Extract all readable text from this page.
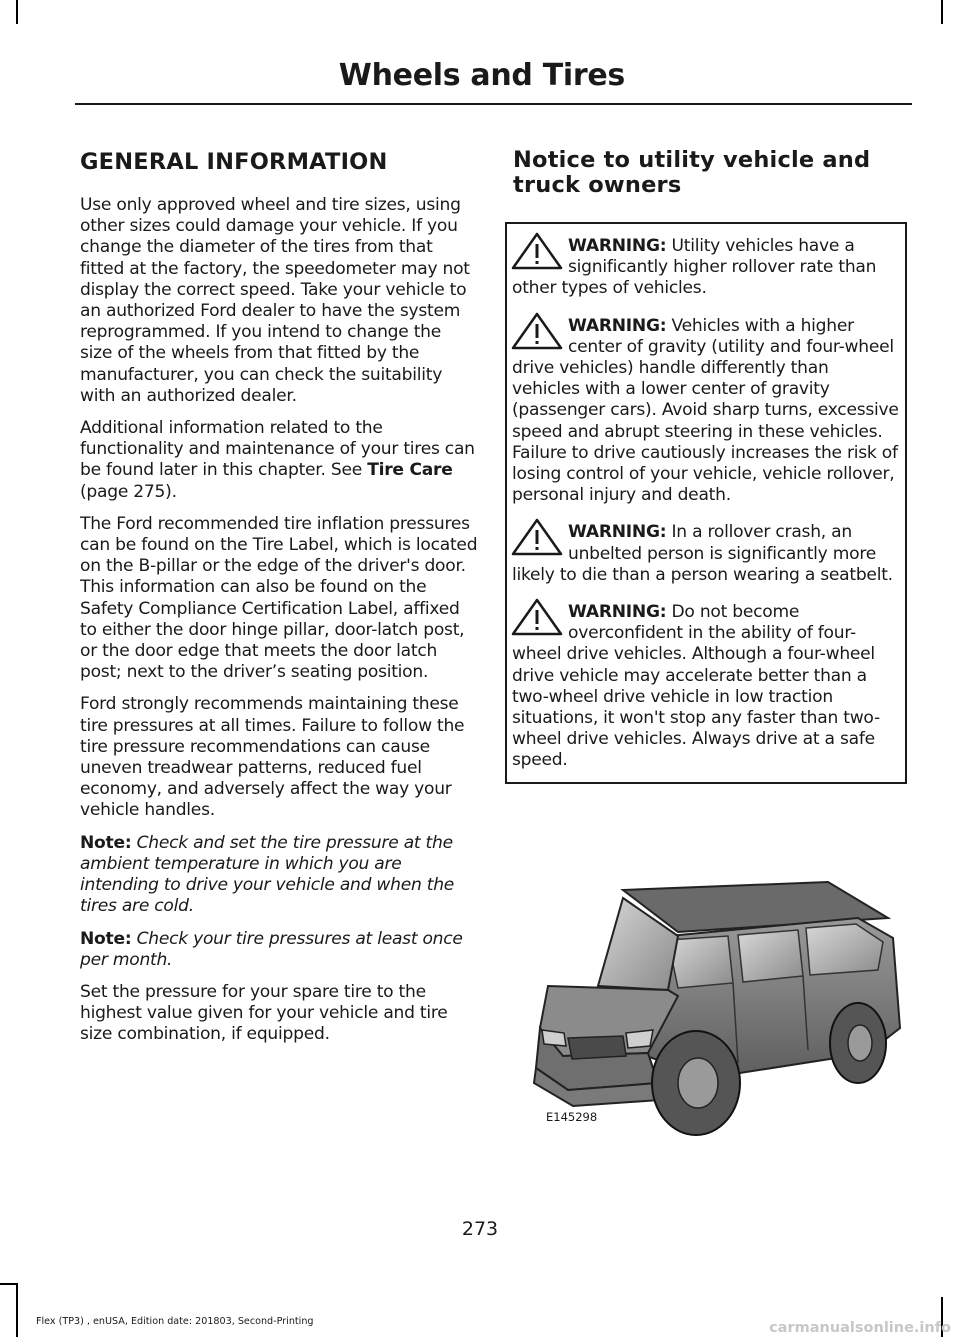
Wheels and Tires
GENERAL INFORMATION

Use only approved wheel and tire sizes, using other sizes could damage your vehicle. If you change the diameter of the tires from that fitted at the factory, the speedometer may not display the correct speed. Take your vehicle to an authorized Ford dealer to have the system reprogrammed. If you intend to change the size of the wheels from that fitted by the manufacturer, you can check the suitability with an authorized dealer.

Additional information related to the functionality and maintenance of your tires can be found later in this chapter. See Tire Care (page 275).

The Ford recommended tire inflation pressures can be found on the Tire Label, which is located on the B-pillar or the edge of the driver's door. This information can also be found on the Safety Compliance Certification Label, affixed to either the door hinge pillar, door-latch post, or the door edge that meets the door latch post; next to the driver’s seating position.

Ford strongly recommends maintaining these tire pressures at all times. Failure to follow the tire pressure recommendations can cause uneven treadwear patterns, reduced fuel economy, and adversely affect the way your vehicle handles.

Note: Check and set the tire pressure at the ambient temperature in which you are intending to drive your vehicle and when the tires are cold.

Note: Check your tire pressures at least once per month.

Set the pressure for your spare tire to the highest value given for your vehicle and tire size combination, if equipped.

Notice to utility vehicle and truck owners

WARNING: Utility vehicles have a significantly higher rollover rate than other types of vehicles.

WARNING: Vehicles with a higher center of gravity (utility and four-wheel drive vehicles) handle differently than vehicles with a lower center of gravity (passenger cars). Avoid sharp turns, excessive speed and abrupt steering in these vehicles. Failure to drive cautiously increases the risk of losing control of your vehicle, vehicle rollover, personal injury and death.

WARNING: In a rollover crash, an unbelted person is significantly more likely to die than a person wearing a seatbelt.

WARNING: Do not become overconfident in the ability of four-wheel drive vehicles. Although a four-wheel drive vehicle may accelerate better than a two-wheel drive vehicle in low traction situations, it won't stop any faster than two-wheel drive vehicles. Always drive at a safe speed.

E145298
273
Flex (TP3) , enUSA, Edition date: 201803, Second-Printing	carmanualsonline.info
